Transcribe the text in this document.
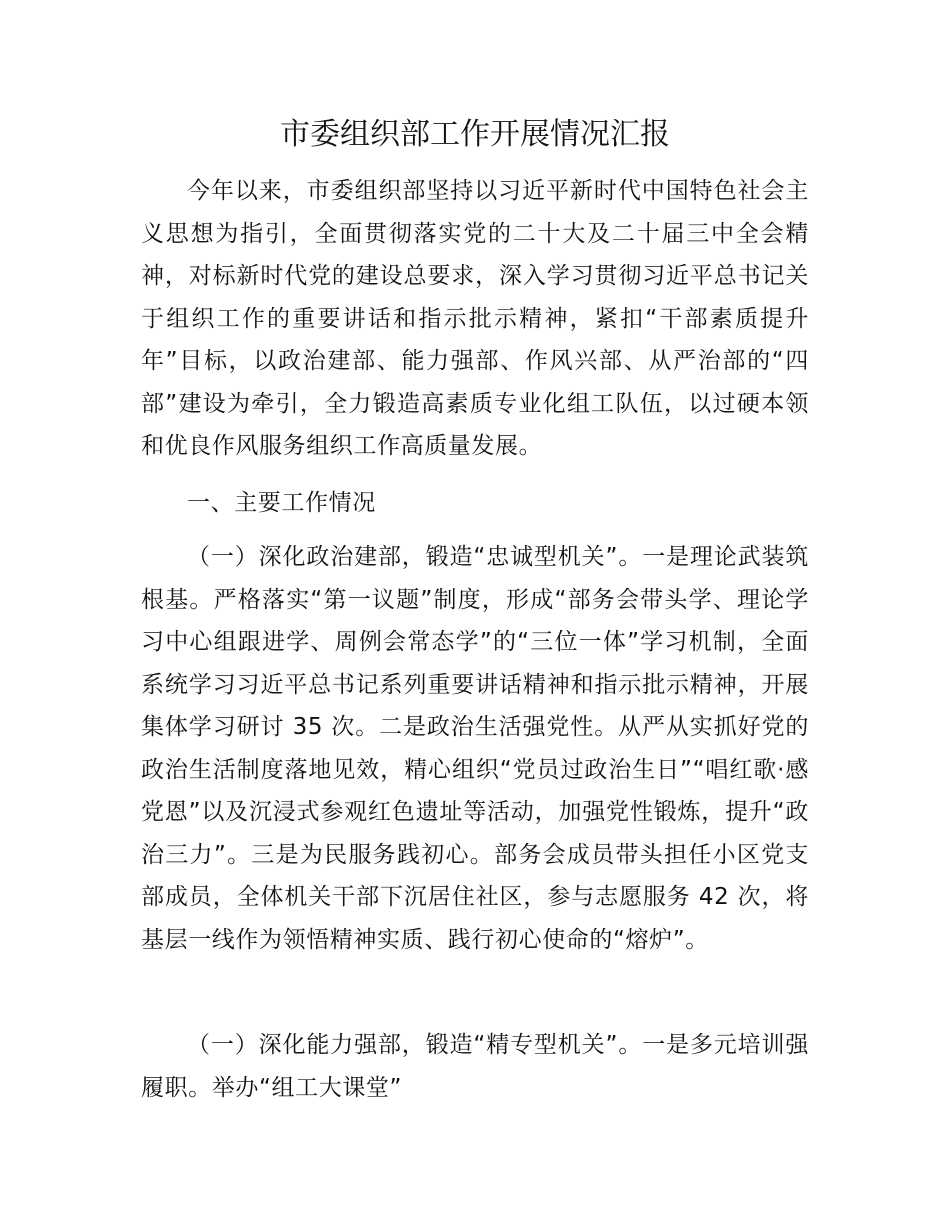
市委组织部工作开展情况汇报

今年以来，市委组织部坚持以习近平新时代中国特色社会主义思想为指引，全面贯彻落实党的二十大及二十届三中全会精神，对标新时代党的建设总要求，深入学习贯彻习近平总书记关于组织工作的重要讲话和指示批示精神，紧扣“干部素质提升年”目标，以政治建部、能力强部、作风兴部、从严治部的“四部”建设为牵引，全力锻造高素质专业化组工队伍，以过硬本领和优良作风服务组织工作高质量发展。

一、主要工作情况

（一）深化政治建部，锻造“忠诚型机关”。一是理论武装筑根基。严格落实“第一议题”制度，形成“部务会带头学、理论学习中心组跟进学、周例会常态学”的“三位一体”学习机制，全面系统学习习近平总书记系列重要讲话精神和指示批示精神，开展集体学习研讨 35 次。二是政治生活强党性。从严从实抓好党的政治生活制度落地见效，精心组织“党员过政治生日”“唱红歌·感党恩”以及沉浸式参观红色遗址等活动，加强党性锻炼，提升“政治三力”。三是为民服务践初心。部务会成员带头担任小区党支部成员，全体机关干部下沉居住社区，参与志愿服务 42 次，将基层一线作为领悟精神实质、践行初心使命的“熔炉”。

（一）深化能力强部，锻造“精专型机关”。一是多元培训强履职。举办“组工大课堂”
